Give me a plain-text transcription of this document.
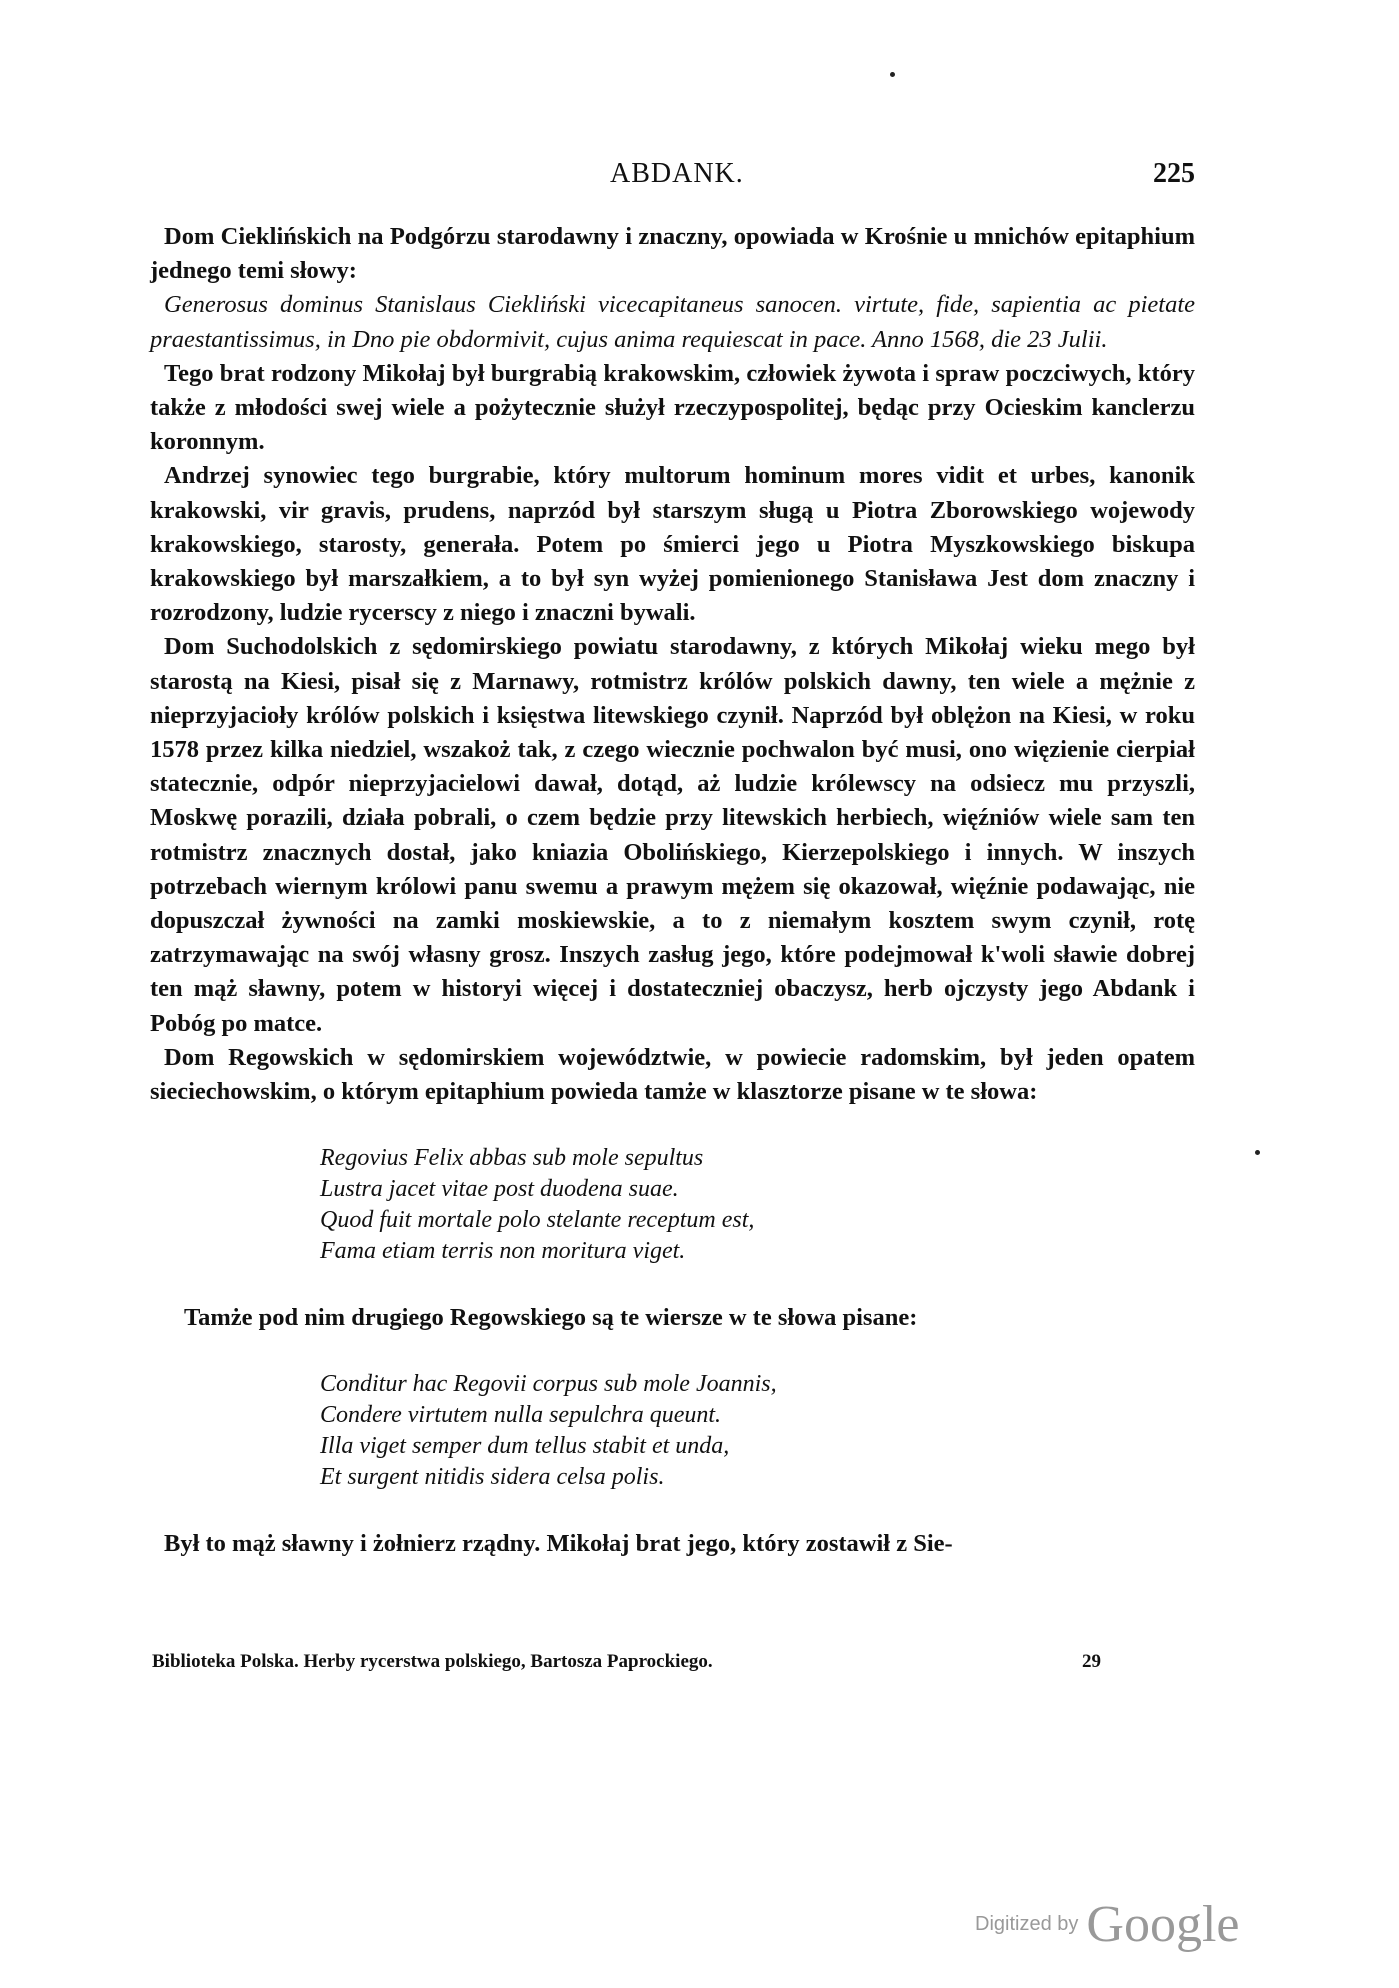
ABDANK.	225

Dom Cieklińskich na Podgórzu starodawny i znaczny, opowiada w Krośnie u mnichów epitaphium jednego temi słowy:

Generosus dominus Stanislaus Ciekliński vicecapitaneus sanocen. virtute, fide, sapientia ac pietate praestantissimus, in Dno pie obdormivit, cujus anima requiescat in pace. Anno 1568, die 23 Julii.

Tego brat rodzony Mikołaj był burgrabią krakowskim, człowiek żywota i spraw poczciwych, który także z młodości swej wiele a pożytecznie służył rzeczypospolitej, będąc przy Ocieskim kanclerzu koronnym.

Andrzej synowiec tego burgrabie, który multorum hominum mores vidit et urbes, kanonik krakowski, vir gravis, prudens, naprzód był starszym sługą u Piotra Zborowskiego wojewody krakowskiego, starosty, generała. Potem po śmierci jego u Piotra Myszkowskiego biskupa krakowskiego był marszałkiem, a to był syn wyżej pomienionego Stanisława Jest dom znaczny i rozrodzony, ludzie rycerscy z niego i znaczni bywali.

Dom Suchodolskich z sędomirskiego powiatu starodawny, z których Mikołaj wieku mego był starostą na Kiesi, pisał się z Marnawy, rotmistrz królów polskich dawny, ten wiele a mężnie z nieprzyjacioły królów polskich i księstwa litewskiego czynił. Naprzód był oblężon na Kiesi, w roku 1578 przez kilka niedziel, wszakoż tak, z czego wiecznie pochwalon być musi, ono więzienie cierpiał statecznie, odpór nieprzyjacielowi dawał, dotąd, aż ludzie królewscy na odsiecz mu przyszli, Moskwę porazili, działa pobrali, o czem będzie przy litewskich herbiech, więźniów wiele sam ten rotmistrz znacznych dostał, jako kniazia Obolińskiego, Kierzepolskiego i innych. W inszych potrzebach wiernym królowi panu swemu a prawym mężem się okazował, więźnie podawając, nie dopuszczał żywności na zamki moskiewskie, a to z niemałym kosztem swym czynił, rotę zatrzymawając na swój własny grosz. Inszych zasług jego, które podejmował k'woli sławie dobrej ten mąż sławny, potem w historyi więcej i dostateczniej obaczysz, herb ojczysty jego Abdank i Pobóg po matce.

Dom Regowskich w sędomirskiem województwie, w powiecie radomskim, był jeden opatem sieciechowskim, o którym epitaphium powieda tamże w klasztorze pisane w te słowa:

Regovius Felix abbas sub mole sepultus
Lustra jacet vitae post duodena suae.
Quod fuit mortale polo stelante receptum est,
Fama etiam terris non moritura viget.

Tamże pod nim drugiego Regowskiego są te wiersze w te słowa pisane:

Conditur hac Regovii corpus sub mole Joannis,
Condere virtutem nulla sepulchra queunt.
Illa viget semper dum tellus stabit et unda,
Et surgent nitidis sidera celsa polis.

Był to mąż sławny i żołnierz rządny. Mikołaj brat jego, który zostawił z Sie-

Biblioteka Polska. Herby rycerstwa polskiego, Bartosza Paprockiego.	29
Digitized by Google
